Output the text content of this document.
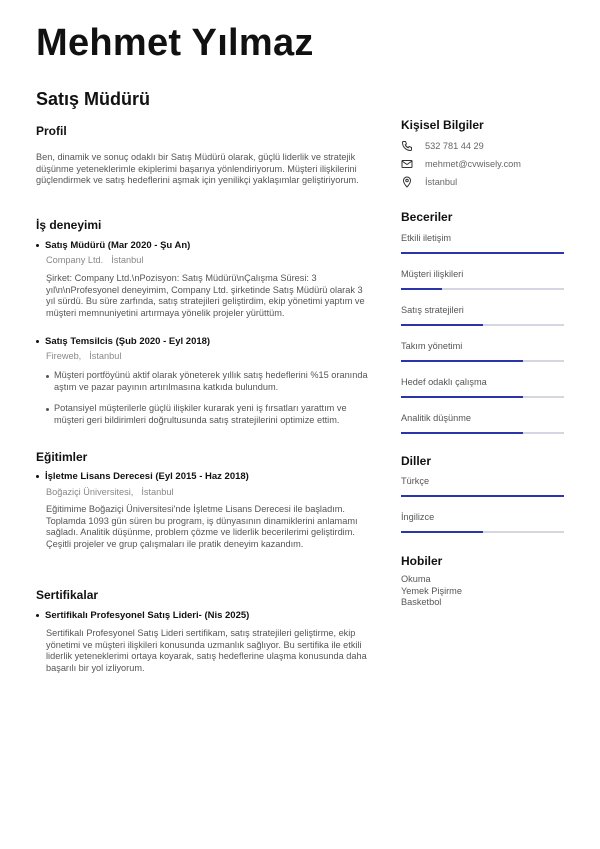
Mehmet Yılmaz
Satış Müdürü
Profil
Ben, dinamik ve sonuç odaklı bir Satış Müdürü olarak, güçlü liderlik ve stratejik düşünme yeteneklerimle ekiplerimi başarıya yönlendiriyorum. Müşteri ilişkilerini güçlendirmek ve satış hedeflerini aşmak için yenilikçi yaklaşımlar geliştiriyorum.
İş deneyimi
Satış Müdürü (Mar 2020 - Şu An)
Company Ltd. İstanbul
Şirket: Company Ltd.\nPozisyon: Satış Müdürü\nÇalışma Süresi: 3 yıl\n\nProfesyonel deneyimim, Company Ltd. şirketinde Satış Müdürü olarak 3 yıl sürdü. Bu süre zarfında, satış stratejileri geliştirdim, ekip yönetimi yaptım ve müşteri memnuniyetini artırmaya yönelik projeler yürüttüm.
Satış Temsilcis (Şub 2020 - Eyl 2018)
Fireweb, İstanbul
Müşteri portföyünü aktif olarak yöneterek yıllık satış hedeflerini %15 oranında aştım ve pazar payının artırılmasına katkıda bulundum.
Potansiyel müşterilerle güçlü ilişkiler kurarak yeni iş fırsatları yarattım ve müşteri geri bildirimleri doğrultusunda satış stratejilerini optimize ettim.
Eğitimler
İşletme Lisans Derecesi (Eyl 2015 - Haz 2018)
Boğaziçi Üniversitesi, İstanbul
Eğitimime Boğaziçi Üniversitesi'nde İşletme Lisans Derecesi ile başladım. Toplamda 1093 gün süren bu program, iş dünyasının dinamiklerini anlamamı sağladı. Analitik düşünme, problem çözme ve liderlik becerilerimi geliştirdim. Çeşitli projeler ve grup çalışmaları ile pratik deneyim kazandım.
Sertifikalar
Sertifikalı Profesyonel Satış Lideri- (Nis 2025)
Sertifikalı Profesyonel Satış Lideri sertifikam, satış stratejileri geliştirme, ekip yönetimi ve müşteri ilişkileri konusunda uzmanlık sağlıyor. Bu sertifika ile etkili liderlik yeteneklerimi ortaya koyarak, satış hedeflerine ulaşma konusunda daha başarılı bir yol izliyorum.
Kişisel Bilgiler
532 781 44 29
mehmet@cvwisely.com
İstanbul
Beceriler
Etkili iletişim
Müşteri ilişkileri
Satış stratejileri
Takım yönetimi
Hedef odaklı çalışma
Analitik düşünme
Diller
Türkçe
İngilizce
Hobiler
Okuma
Yemek Pişirme
Basketbol
